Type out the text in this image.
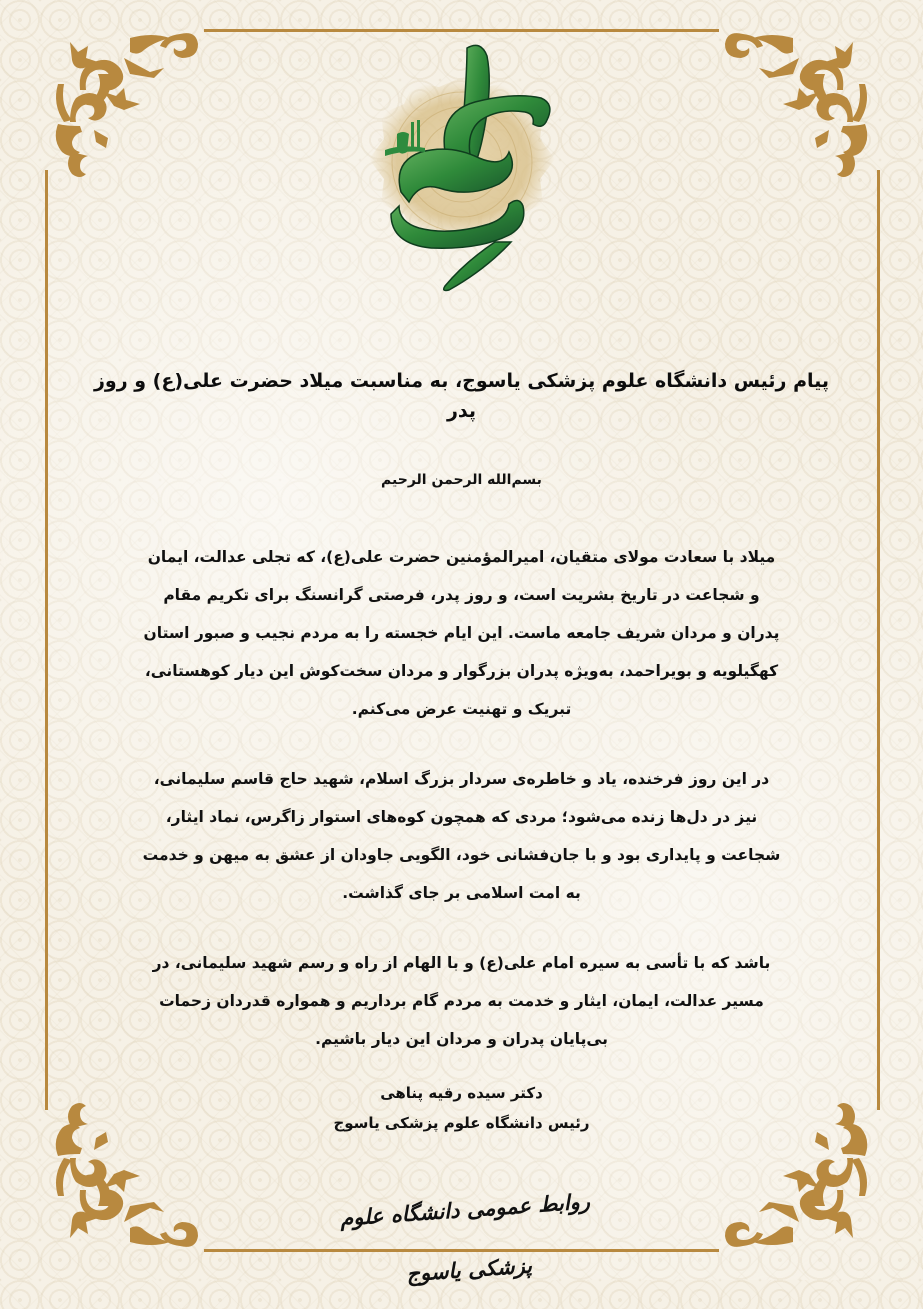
پیام رئیس دانشگاه علوم پزشکی یاسوج، به مناسبت میلاد حضرت علی(ع) و روز پدر

بسم‌الله الرحمن الرحیم

میلاد با سعادت مولای متقیان، امیرالمؤمنین حضرت علی(ع)، که تجلی عدالت، ایمان و شجاعت در تاریخ بشریت است، و روز پدر، فرصتی گرانسنگ برای تکریم مقام پدران و مردان شریف جامعه ماست. این ایام خجسته را به مردم نجیب و صبور استان کهگیلویه و بویراحمد، به‌ویژه پدران بزرگوار و مردان سخت‌کوش این دیار کوهستانی، تبریک و تهنیت عرض می‌کنم.

در این روز فرخنده، یاد و خاطره‌ی سردار بزرگ اسلام، شهید حاج قاسم سلیمانی، نیز در دل‌ها زنده می‌شود؛ مردی که همچون کوه‌های استوار زاگرس، نماد ایثار، شجاعت و پایداری بود و با جان‌فشانی خود، الگویی جاودان از عشق به میهن و خدمت به امت اسلامی بر جای گذاشت.

باشد که با تأسی به سیره امام علی(ع) و با الهام از راه و رسم شهید سلیمانی، در مسیر عدالت، ایمان، ایثار و خدمت به مردم گام برداریم و همواره قدردان زحمات بی‌پایان پدران و مردان این دیار باشیم.

دکتر سیده رقیه پناهی
رئیس دانشگاه علوم پزشکی یاسوج
روابط عمومی دانشگاه علوم پزشکی یاسوج
